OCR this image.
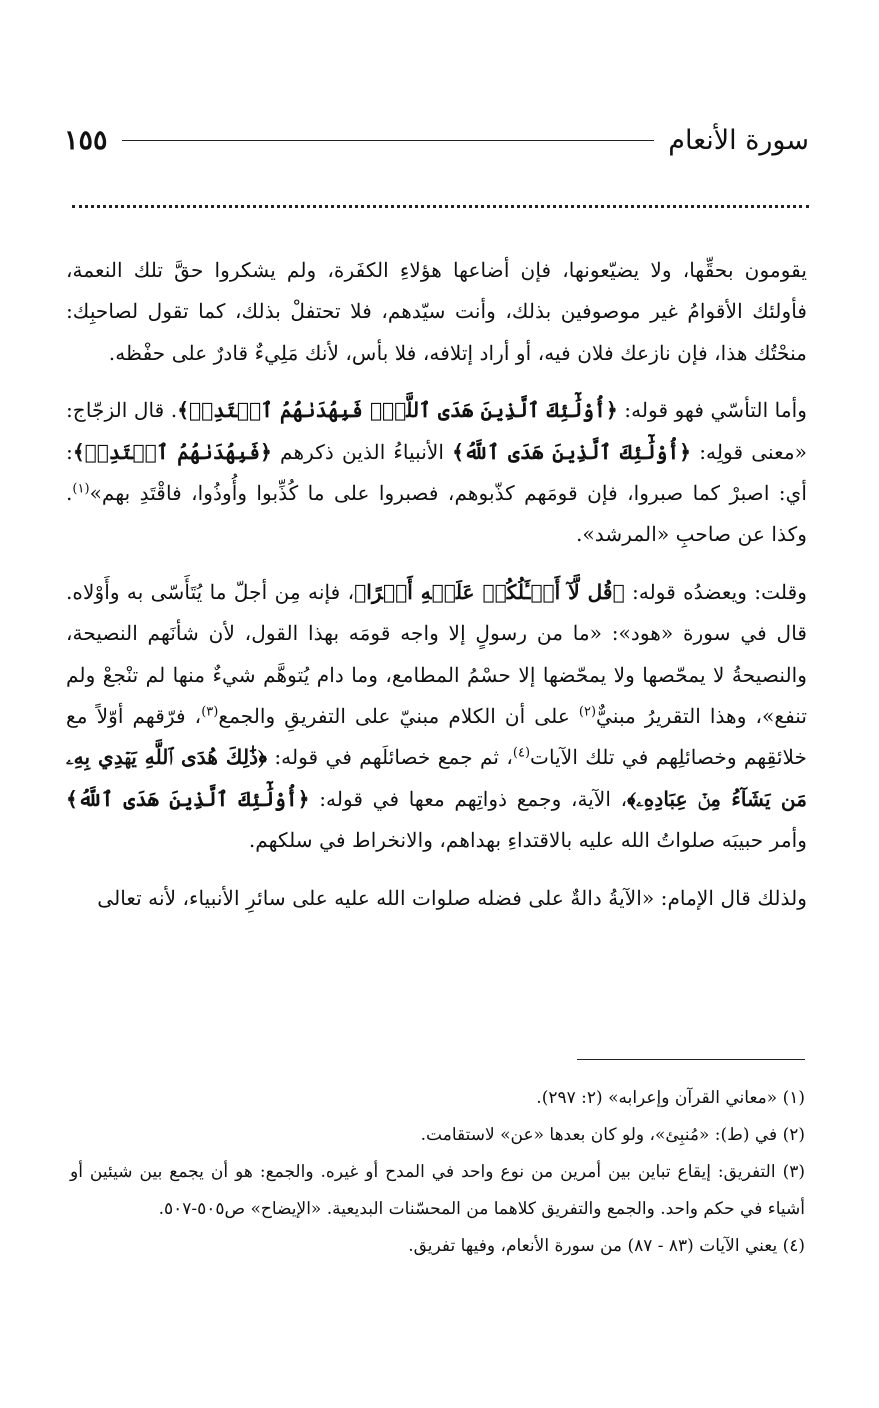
سورة الأنعام
١٥٥

يقومون بحقِّها، ولا يضيّعونها، فإن أضاعها هؤلاءِ الكفَرة، ولم يشكروا حقَّ تلك النعمة، فأولئك الأقوامُ غير موصوفين بذلك، وأنت سيّدهم، فلا تحتفلْ بذلك، كما تقول لصاحبِك: منحْتُك هذا، فإن نازعك فلان فيه، أو أراد إتلافه، فلا بأس، لأنك مَلِيءٌ قادرٌ على حفْظه.

وأما التأسّي فهو قوله: ﴿أُوْلَٰٓئِكَ ٱلَّذِينَ هَدَى ٱللَّهُۖ فَبِهُدَىٰهُمُ ٱقۡتَدِهۡ﴾. قال الزجّاج: «معنى قولِه: ﴿أُوْلَٰٓئِكَ ٱلَّذِينَ هَدَى ٱللَّهُ﴾ الأنبياءُ الذين ذكرهم ﴿فَبِهُدَىٰهُمُ ٱقۡتَدِهۡ﴾: أي: اصبرْ كما صبروا، فإن قومَهم كذّبوهم، فصبروا على ما كُذِّبوا وأُوذُوا، فاقْتَدِ بهم»$^{(١)}$. وكذا عن صاحبِ «المرشد».

وقلت: ويعضدُه قوله: ﴿قُل لَّآ أَسۡـَٔلُكُمۡ عَلَيۡهِ أَجۡرًا﴾، فإنه مِن أجلّ ما يُتَأَسّى به وأَوْلاه. قال في سورة «هود»: «ما من رسولٍ إلا واجه قومَه بهذا القول، لأن شأنَهم النصيحة، والنصيحةُ لا يمحّصها ولا يمحّضها إلا حسْمُ المطامع، وما دام يُتوهَّم شيءٌ منها لم تنْجعْ ولم تنفع»، وهذا التقريرُ مبنيٌّ$^{(٢)}$ على أن الكلام مبنيّ على التفريقِ والجمع$^{(٣)}$، فرّقهم أوّلاً مع خلائقِهم وخصائلِهم في تلك الآيات$^{(٤)}$، ثم جمع خصائلَهم في قوله: ﴿ذَٰلِكَ هُدَى ٱللَّهِ يَهۡدِي بِهِۦ مَن يَشَآءُ مِنۡ عِبَادِهِۦ﴾، الآية، وجمع ذواتِهم معها في قوله: ﴿أُوْلَٰٓئِكَ ٱلَّذِينَ هَدَى ٱللَّهُ﴾ وأمر حبيبَه صلواتُ الله عليه بالاقتداءِ بهداهم، والانخراط في سلكهم.

ولذلك قال الإمام: «الآيةُ دالةٌ على فضله صلوات الله عليه على سائرِ الأنبياء، لأنه تعالى

(١) «معاني القرآن وإعرابه» (٢: ٢٩٧).

(٢) في (ط): «مُنبِئ»، ولو كان بعدها «عن» لاستقامت.

(٣) التفريق: إيقاع تباين بين أمرين من نوع واحد في المدح أو غيره. والجمع: هو أن يجمع بين شيئين أو أشياء في حكم واحد. والجمع والتفريق كلاهما من المحسّنات البديعية. «الإيضاح» ص٥٠٥-٥٠٧.

(٤) يعني الآيات (٨٣ - ٨٧) من سورة الأنعام، وفيها تفريق.
